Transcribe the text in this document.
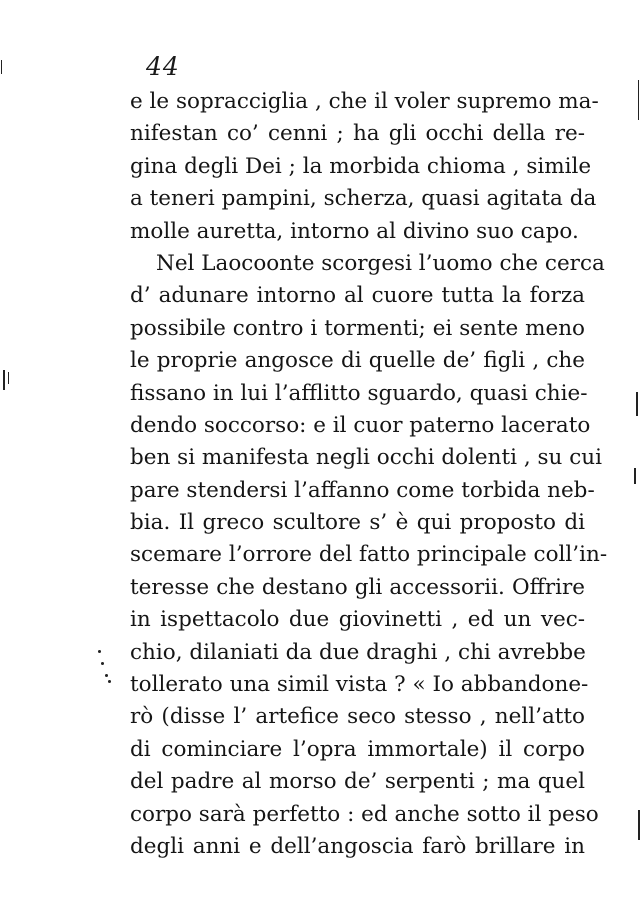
44
e le sopracciglia , che il voler supremo ma-
nifestan co’ cenni ; ha gli occhi della re-
gina degli Dei ; la morbida chioma , simile
a teneri pampini, scherza, quasi agitata da
molle auretta, intorno al divino suo capo.
Nel Laocoonte scorgesi l’uomo che cerca
d’ adunare intorno al cuore tutta la forza
possibile contro i tormenti; ei sente meno
le proprie angosce di quelle de’ figli , che
fissano in lui l’afflitto sguardo, quasi chie-
dendo soccorso: e il cuor paterno lacerato
ben si manifesta negli occhi dolenti , su cui
pare stendersi l’affanno come torbida neb-
bia. Il greco scultore s’ è qui proposto di
scemare l’orrore del fatto principale coll’in-
teresse che destano gli accessorii. Offrire
in ispettacolo due giovinetti , ed un vec-
chio, dilaniati da due draghi , chi avrebbe
tollerato una simil vista ? « Io abbandone-
rò (disse l’ artefice seco stesso , nell’atto
di cominciare l’opra immortale) il corpo
del padre al morso de’ serpenti ; ma quel
corpo sarà perfetto : ed anche sotto il peso
degli anni e dell’angoscia farò brillare in
